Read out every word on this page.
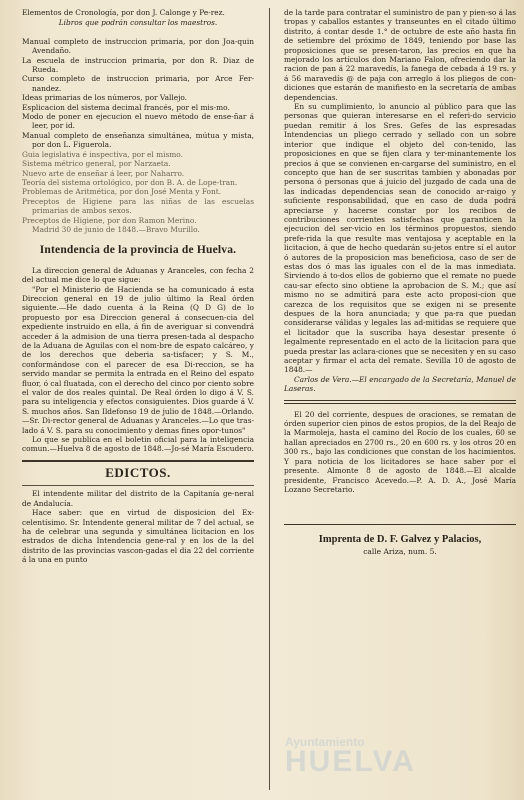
Elementos de Cronología, por don J. Calonge y Pe-rez.

Libros que podrán consultar los maestros.

Manual completo de instruccion primaria, por don Joa-quin Avendaño.

La escuela de instruccion primaria, por don R. Diaz de Rueda.

Curso completo de instruccion primaria, por Arce Fer-nandez.

Ideas primarias de los números, por Vallejo.

Esplicacion del sistema decimal francés, por el mis-mo.

Modo de poner en ejecucion el nuevo método de ense-ñar á leer, por id.

Manual completo de enseñanza simultánea, mútua y mista, por don L. Figuerola.

Guia legislativa é inspectiva, por el mismo.

Sistema métrico general, por Narzaeta.

Nuevo arte de enseñar á leer, por Naharro.

Teoría del sistema ortológico, por don B. A. de Lope-tran.

Problemas de Aritmética, por don José Menta y Font.

Preceptos de Higiene para las niñas de las escuelas primarias de ambos sexos.

Preceptos de Higiene, por don Ramon Merino.

Madrid 30 de junio de 1848.—Bravo Murillo.

Intendencia de la provincia de Huelva.

La direccion general de Aduanas y Aranceles, con fecha 2 del actual me dice lo que sigue:

"Por el Ministerio de Hacienda se ha comunicado á esta Direccion general en 19 de julio último la Real órden siguiente.—He dado cuenta á la Reina (Q D G) de lo propuesto por esa Direccion general á consecuen-cia del expediente instruido en ella, á fin de averiguar si convendrá acceder á la admision de una tierra presen-tada al despacho de la Aduana de Aguilas con el nom-bre de espato calcáreo, y de los derechos que deberia sa-tisfacer; y S. M., conformándose con el parecer de esa Di-reccion, se ha servido mandar se permita la entrada en el Reino del espato fluor, ó cal fluatada, con el derecho del cinco por ciento sobre el valor de dos reales quintal. De Real órden lo digo á V. S. para su inteligencia y efectos consiguientes. Dios guarde á V. S. muchos años. San Ildefonso 19 de julio de 1848.—Orlando.—Sr. Di-rector general de Aduanas y Aranceles.—Lo que tras-lado á V. S. para su conocimiento y demas fines opor-tunos"

Lo que se publica en el boletin oficial para la inteligencia comun.—Huelva 8 de agosto de 1848.—Jo-sé María Escudero.

EDICTOS.

El intendente militar del distrito de la Capitanía ge-neral de Andalucía.

Hace saber: que en virtud de disposicion del Ex-celentísimo. Sr. Intendente general militar de 7 del actual, se ha de celebrar una segunda y simultánea licitacion en los estrados de dicha Intendencia gene-ral y en los de la del distrito de las provincias vascon-gadas el dia 22 del corriente á la una en punto

de la tarde para contratar el suministro de pan y pien-so á las tropas y caballos estantes y transeuntes en el citado último distrito, á contar desde 1.° de octubre de este año hasta fin de setiembre del próximo de 1849, teniendo por base las proposiciones que se presen-taron, las precios en que ha mejorado los artículos don Mariano Falon, ofreciendo dar la racion de pan á 22 maravedís, la fanega de cebada á 19 rs. y á 56 maravedís @ de paja con arreglo á los pliegos de con-diciones que estarán de manifiesto en la secretaría de ambas dependencias.

En su cumplimiento, lo anuncio al público para que las personas que quieran interesarse en el referi-do servicio puedan remitir á los Sres. Gefes de las espresadas Intendencias un pliego cerrado y sellado con un sobre interior que indique el objeto del con-tenido, las proposiciones en que se fijen clara y ter-minantemente los precios á que se convienen en-cargarse del suministro, en el concepto que han de ser suscritas tambien y abonadas por persona ó personas que á juicio del juzgado de cada una de las indicadas dependencias sean de conocido ar-raigo y suficiente responsabilidad, que en caso de duda podrá apreciarse y hacerse constar por los recibos de contribuciones corrientes satisfechas que garanticen la ejecucion del ser-vicio en los términos propuestos, siendo prefe-rida la que resulte mas ventajosa y aceptable en la licitacion, á que de hecho quedarán su-jetos entre sí el autor ó autores de la proposicion mas beneficiosa, caso de ser de estas dos ó mas las iguales con el de la mas inmediata. Sirviendo á to-dos ellos de gobierno que el remate no puede cau-sar efecto sino obtiene la aprobacion de S. M.; que así mismo no se admitirá para este acto proposi-cion que carezca de los requisitos que se exigen ni se presente despues de la hora anunciada; y que pa-ra que puedan considerarse válidas y legales las ad-mitidas se requiere que el licitador que la suscriba haya desestar presente ó legalmente representado en el acto de la licitacion para que pueda prestar las aclara-ciones que se necesiten y en su caso aceptar y firmar el acta del remate. Sevilla 10 de agosto de 1848.—

Carlos de Vera.—El encargado de la Secretaría, Manuel de Laseras.

El 20 del corriente, despues de oraciones, se rematan de órden superior cien pinos de estos propios, de la del Reajo de la Marmoleja, hasta el camino del Rocío de los cuales, 60 se hallan apreciados en 2700 rs., 20 en 600 rs. y los otros 20 en 300 rs., bajo las condiciones que constan de los hacimientos. Y para noticia de los licitadores se hace saber por el presente. Almonte 8 de agosto de 1848.—El alcalde presidente, Francisco Acevedo.—P. A. D. A., José María Lozano Secretario.

Imprenta de D. F. Galvez y Palacios,
calle Ariza, num. 5.
Ayuntamiento
HUELVA
